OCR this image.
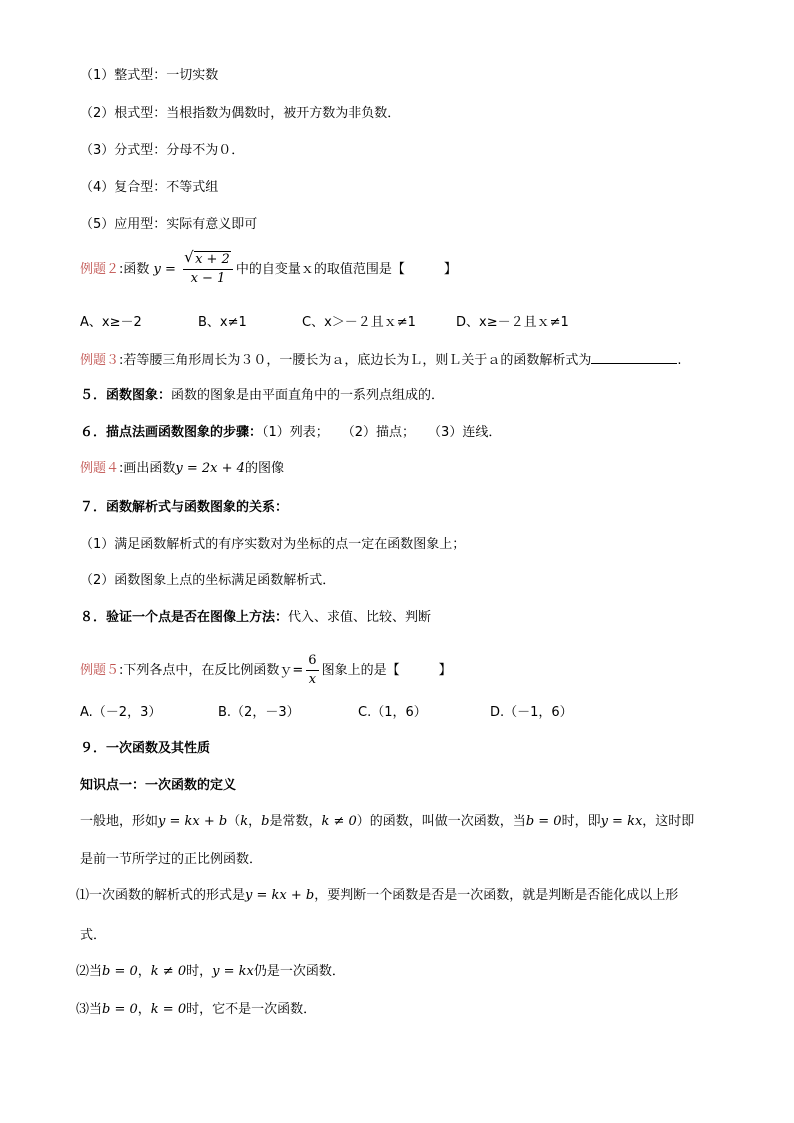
（1）整式型：一切实数
（2）根式型：当根指数为偶数时，被开方数为非负数．
（3）分式型：分母不为０．
（4）复合型：不等式组
（5）应用型：实际有意义即可
例题２:函数 y =
√ $\frac{x + 2}{x - 1}$ 中的自变量ｘ的取值范围是【　　　】
A、x≥－2	B、x≠1	C、x＞－２且ｘ≠1	D、x≥－２且ｘ≠1
例题３:若等腰三角形周长为３０，一腰长为ａ，底边长为Ｌ，则Ｌ关于ａ的函数解析式为	.
５．函数图象：函数的图象是由平面直角中的一系列点组成的．
６．描点法画函数图象的步骤：（1）列表；　　（2）描点；　　（3）连线．
例题４:画出函数y = 2x + 4的图像
７．函数解析式与函数图象的关系：
（1）满足函数解析式的有序实数对为坐标的点一定在函数图象上；
（2）函数图象上点的坐标满足函数解析式．
８．验证一个点是否在图像上方法：代入、求值、比较、判断
例题５:下列各点中，在反比例函数ｙ= $\frac{6}{x}$ 图象上的是【　　　】
A.（－2，3）	B.（2，－3）	C.（1，6）	D.（－1，6）
９．一次函数及其性质
知识点一：一次函数的定义
一般地，形如y = kx + b（k，b是常数，k ≠ 0）的函数，叫做一次函数，当b = 0时，即y = kx，这时即
是前一节所学过的正比例函数．
⑴一次函数的解析式的形式是y = kx + b，要判断一个函数是否是一次函数，就是判断是否能化成以上形
式．
⑵当b = 0，k ≠ 0时，y = kx仍是一次函数．
⑶当b = 0，k = 0时，它不是一次函数．
